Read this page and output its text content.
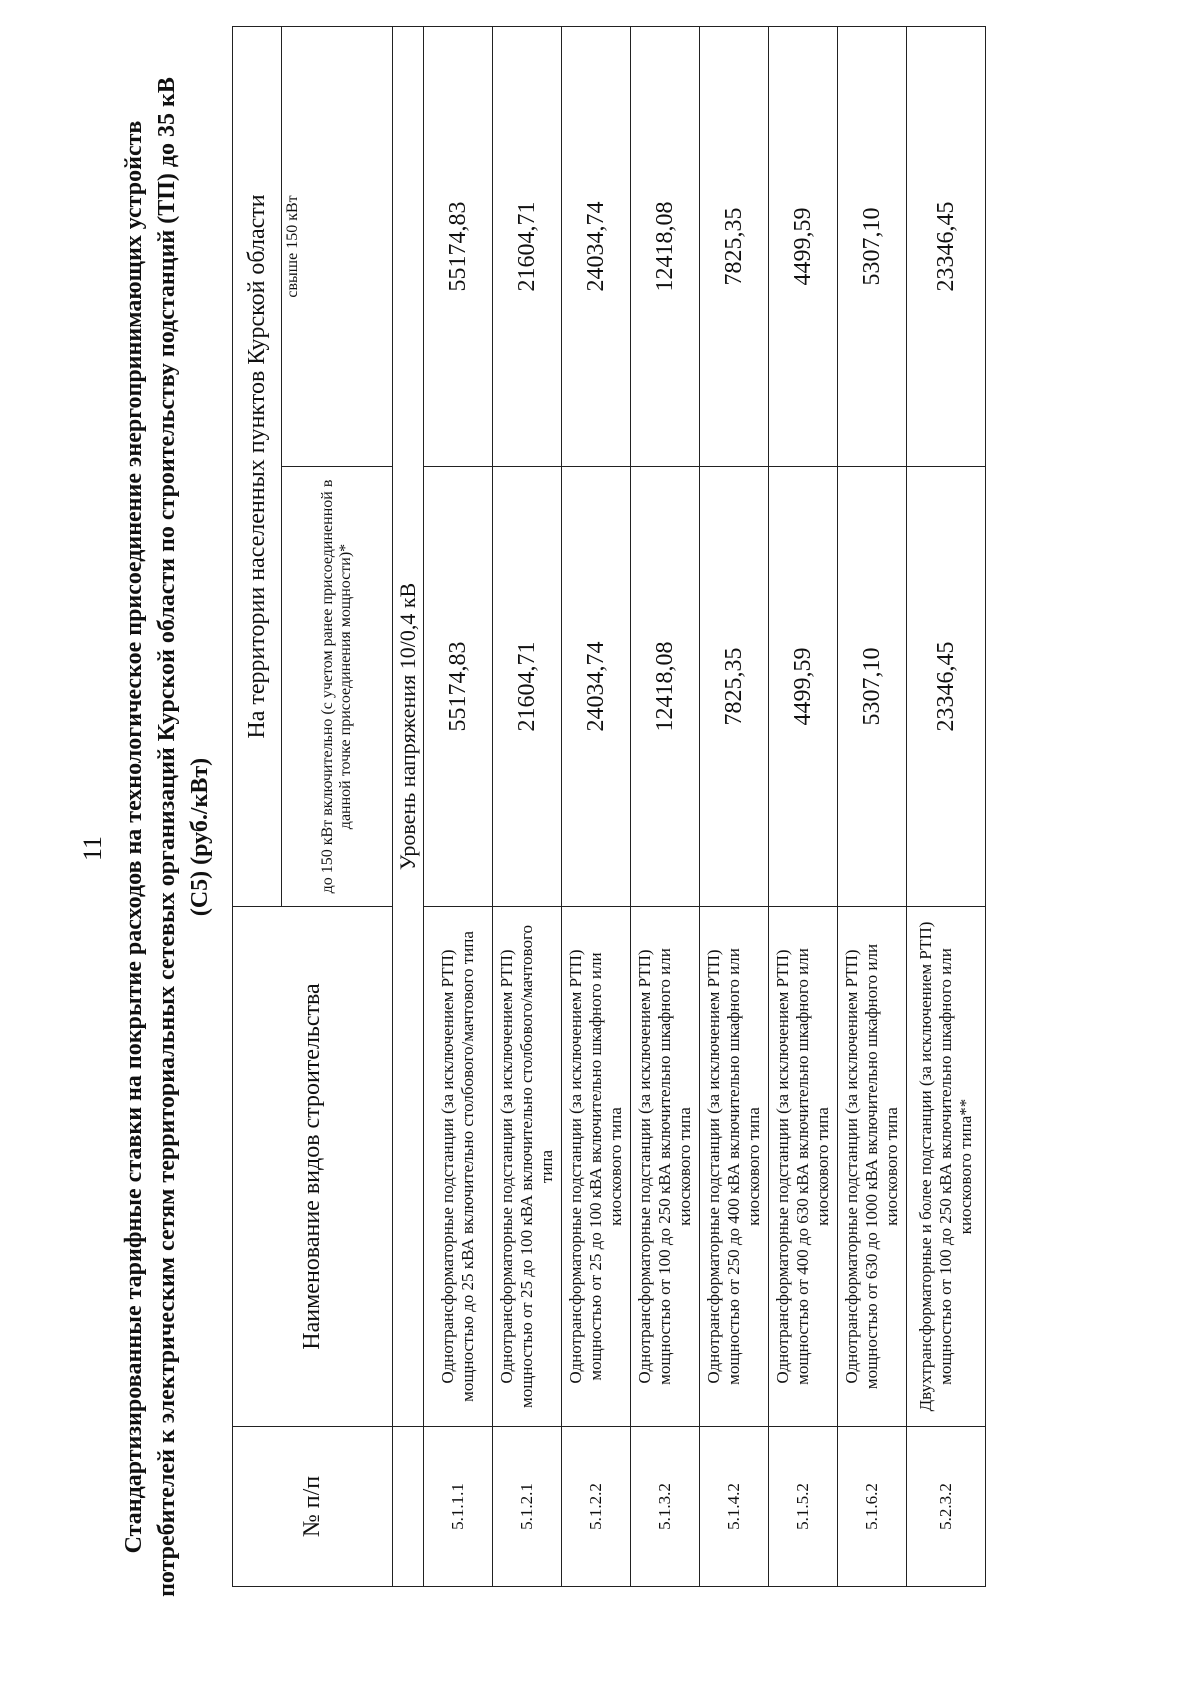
11 Стандартизированные тарифные ставки на покрытие расходов на технологическое присоединение энергопринимающих устройств потребителей к электрическим сетям территориальных сетевых организаций Курской области по строительству подстанций (ТП) до 35 кВ (С5) (руб./кВт)
№ п/п	Наименование видов строительства	На территории населенных пунктов Курской области	
		до 150 кВт включительно (с учетом ранее присоединенной в данной точке присоединения мощности)*	свыше 150 кВт
	Уровень напряжения 10/0,4 кВ		
5.1.1.1	Однотрансформаторные подстанции (за исключением РТП) мощностью до 25 кВА включительно столбового/мачтового типа	55174,83	55174,83
5.1.2.1	Однотрансформаторные подстанции (за исключением РТП) мощностью от 25 до 100 кВА включительно столбового/мачтового типа	21604,71	21604,71
5.1.2.2	Однотрансформаторные подстанции (за исключением РТП) мощностью от 25 до 100 кВА включительно шкафного или киоскового типа	24034,74	24034,74
5.1.3.2	Однотрансформаторные подстанции (за исключением РТП) мощностью от 100 до 250 кВА включительно шкафного или киоскового типа	12418,08	12418,08
5.1.4.2	Однотрансформаторные подстанции (за исключением РТП) мощностью от 250 до 400 кВА включительно шкафного или киоскового типа	7825,35	7825,35
5.1.5.2	Однотрансформаторные подстанции (за исключением РТП) мощностью от 400 до 630 кВА включительно шкафного или киоскового типа	4499,59	4499,59
5.1.6.2	Однотрансформаторные подстанции (за исключением РТП) мощностью от 630 до 1000 кВА включительно шкафного или киоскового типа	5307,10	5307,10
5.2.3.2	Двухтрансформаторные и более подстанции (за исключением РТП) мощностью от 100 до 250 кВА включительно шкафного или киоскового типа**	23346,45	23346,45
